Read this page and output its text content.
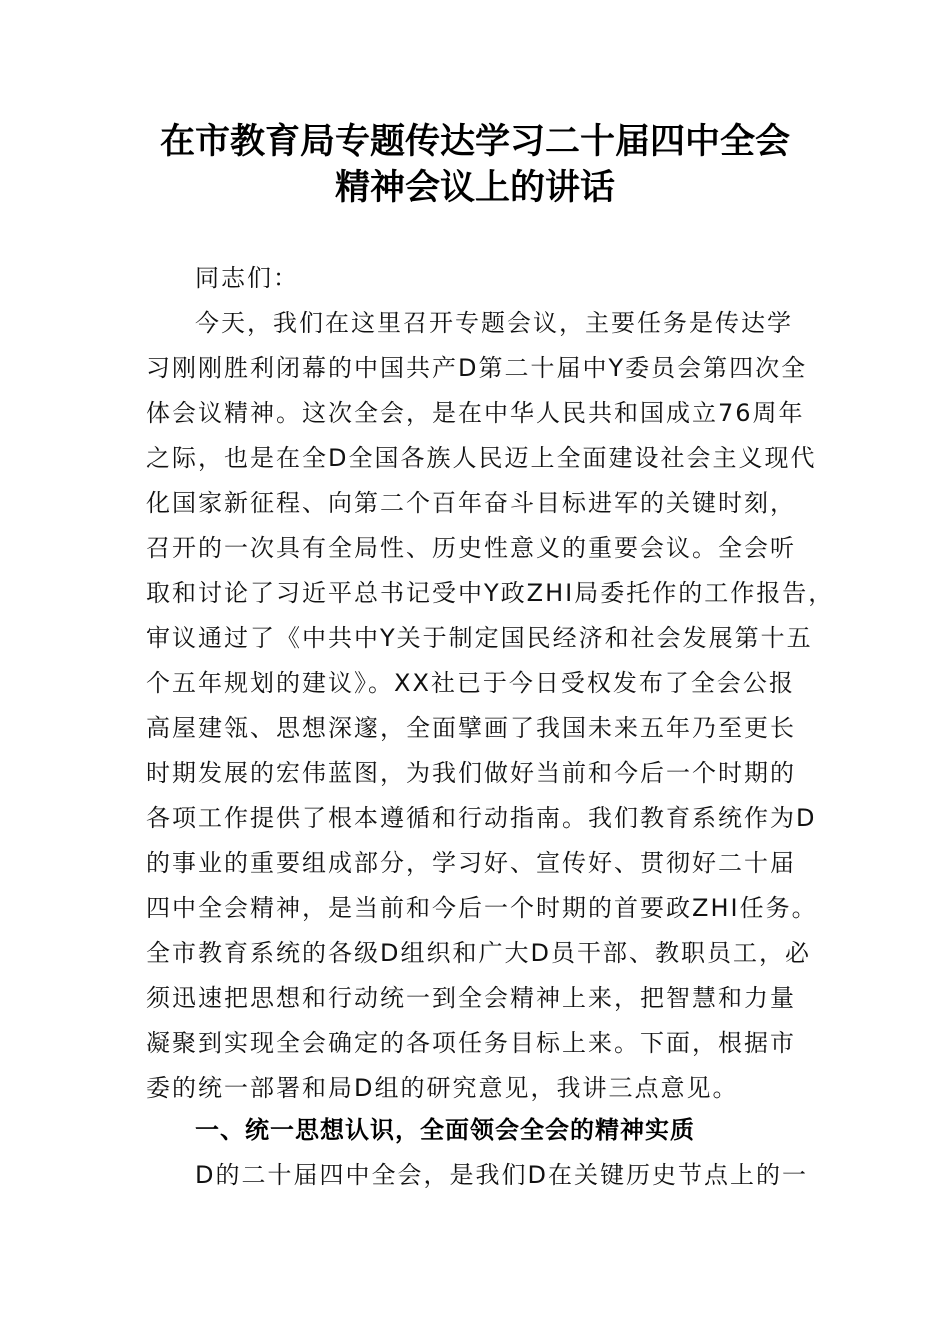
在市教育局专题传达学习二十届四中全会
精神会议上的讲话
同志们：
今天，我们在这里召开专题会议，主要任务是传达学
习刚刚胜利闭幕的中国共产D第二十届中Y委员会第四次全
体会议精神。这次全会，是在中华人民共和国成立76周年
之际，也是在全D全国各族人民迈上全面建设社会主义现代
化国家新征程、向第二个百年奋斗目标进军的关键时刻，
召开的一次具有全局性、历史性意义的重要会议。全会听
取和讨论了习近平总书记受中Y政ZHI局委托作的工作报告，
审议通过了《中共中Y关于制定国民经济和社会发展第十五
个五年规划的建议》。XX社已于今日受权发布了全会公报
高屋建瓴、思想深邃，全面擘画了我国未来五年乃至更长
时期发展的宏伟蓝图，为我们做好当前和今后一个时期的
各项工作提供了根本遵循和行动指南。我们教育系统作为D
的事业的重要组成部分，学习好、宣传好、贯彻好二十届
四中全会精神，是当前和今后一个时期的首要政ZHI任务。
全市教育系统的各级D组织和广大D员干部、教职员工，必
须迅速把思想和行动统一到全会精神上来，把智慧和力量
凝聚到实现全会确定的各项任务目标上来。下面，根据市
委的统一部署和局D组的研究意见，我讲三点意见。
一、统一思想认识，全面领会全会的精神实质
D的二十届四中全会，是我们D在关键历史节点上的一
